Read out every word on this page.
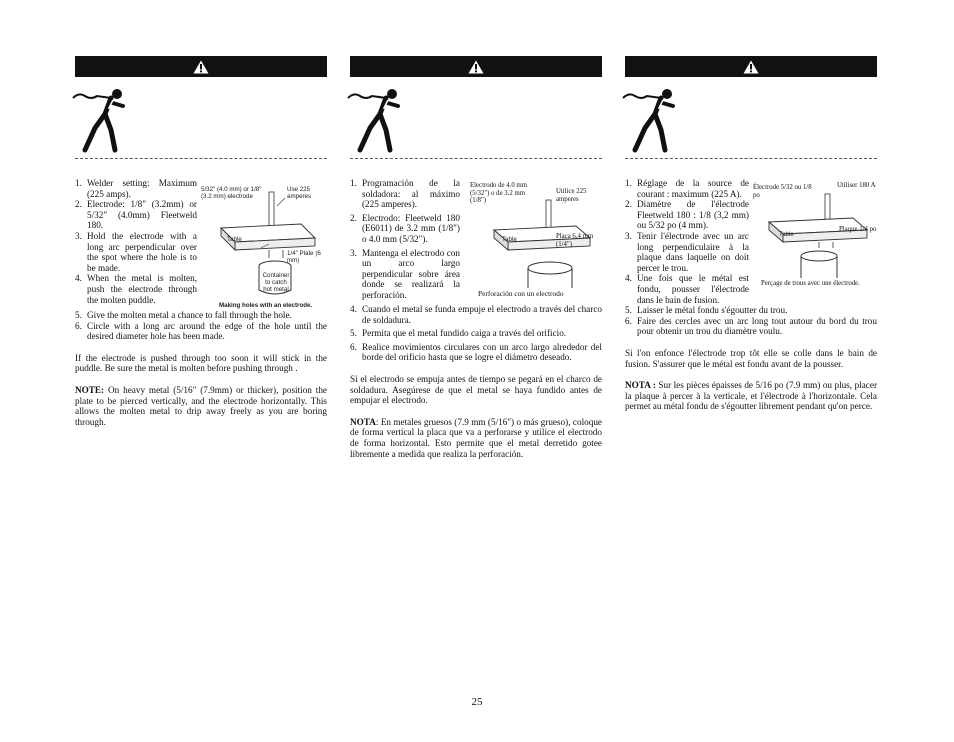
1. Welder setting: Maximum (225 amps).
2. Electrode: 1/8" (3.2mm) or 5/32" (4.0mm) Fleetweld 180.
3. Hold the electrode with a long arc perpendicular over the spot where the hole is to be made.
4. When the metal is molten, push the electrode through the molten puddle.
5/32" (4.0 mm) or 1/8" (3.2 mm) electrode
Use 225 amperes
Table
1/4" Plate (6 mm)
Container to catch hot metal
Making holes with an electrode.
5. Give the molten metal a chance to fall through the hole.
6. Circle with a long arc around the edge of the hole until the desired diameter hole has been made.

If the electrode is pushed through too soon it will stick in the puddle. Be sure the metal is molten before pushing through .

NOTE: On heavy metal (5/16" (7.9mm) or thicker), position the plate to be pierced vertically, and the electrode horizontally. This allows the molten metal to drip away freely as you are boring through.

1. Programación de la soldadora: al máximo (225 amperes).
2. Electrodo: Fleetweld 180 (E6011) de 3.2 mm (1/8") o 4.0 mm (5/32").
3. Mantenga el electrodo con un arco largo perpendicular sobre área donde se realizará la perforación.
Electrodo de 4.0 mm (5/32") o de 3.2 mm (1/8")
Utilice 225 amperes
Table	Placa 6.4 mm (1/4")
Perforación con un electrodo
4. Cuando el metal se funda empuje el electrodo a través del charco de soldadura.
5. Permita que el metal fundido caiga a través del orificio.
6. Realice movimientos circulares con un arco largo alrededor del borde del orificio hasta que se logre el diámetro deseado.

Si el electrodo se empuja antes de tiempo se pegará en el charco de soldadura. Asegúrese de que el metal se haya fundido antes de empujar el electrodo.

NOTA: En metales gruesos (7.9 mm (5/16") o más grueso), coloque de forma vertical la placa que va a perforarse y utilice el electrodo de forma horizontal. Esto permite que el metal derretido gotee libremente a medida que realiza la perforación.

1. Réglage de la source de courant : maximum (225 A).
2. Diamètre de l'électrode Fleetweld 180 : 1/8 (3,2 mm) ou 5/32 po (4 mm).
3. Tenir l'électrode avec un arc long perpendiculaire à la plaque dans laquelle on doit percer le trou.
4. Une fois que le métal est fondu, pousser l'électrode dans le bain de fusion.
Électrode 5/32 ou 1/8 po
Utiliser 180 A
Table
Plaque 1/4 po
Perçage de trous avec une électrode.
5. Laisser le métal fondu s'égoutter du trou.
6. Faire des cercles avec un arc long tout autour du bord du trou pour obtenir un trou du diamètre voulu.

Si l'on enfonce l'électrode trop tôt elle se colle dans le bain de fusion. S'assurer que le métal est fondu avant de la pousser.

NOTA : Sur les pièces épaisses de 5/16 po (7.9 mm) ou plus, placer la plaque à percer à la verticale, et l'électrode à l'horizontale. Cela permet au métal fondu de s'égoutter librement pendant qu'on perce.

25
